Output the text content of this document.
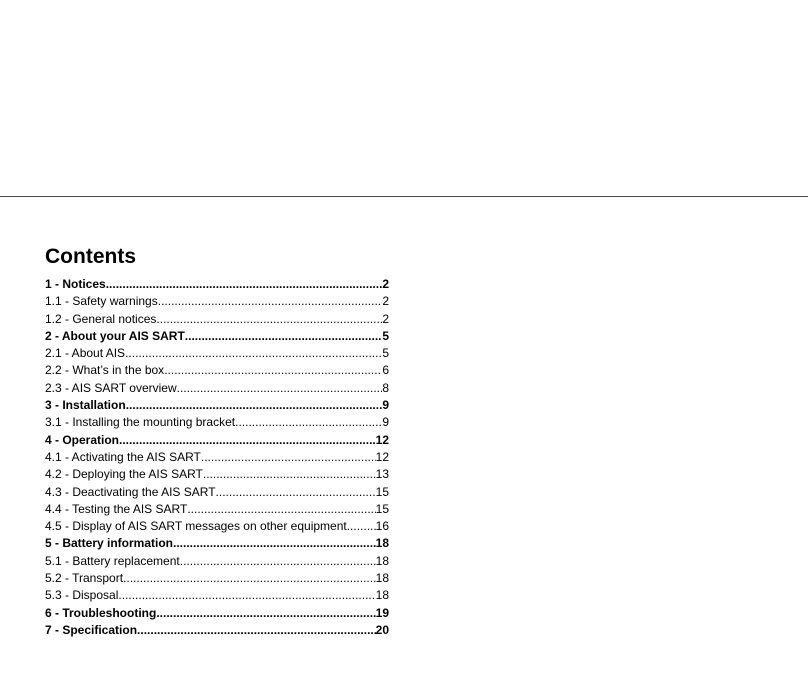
Contents
1 - Notices .....	2
1.1 - Safety warnings .....	2
1.2 - General notices .....	2
2 - About your AIS SART .....	5
2.1 - About AIS .....	5
2.2 - What’s in the box .....	6
2.3 - AIS SART overview .....	8
3 - Installation .....	9
3.1 - Installing the mounting bracket .....	9
4 - Operation .....	12
4.1 - Activating the AIS SART .....	12
4.2 - Deploying the AIS SART .....	13
4.3 - Deactivating the AIS SART .....	15
4.4 - Testing the AIS SART .....	15
4.5 - Display of AIS SART messages on other equipment ..... 16
5 - Battery information .....	18
5.1 - Battery replacement .....	18
5.2 - Transport .....	18
5.3 - Disposal .....	18
6 - Troubleshooting .....	19
7 - Specification .....	20
